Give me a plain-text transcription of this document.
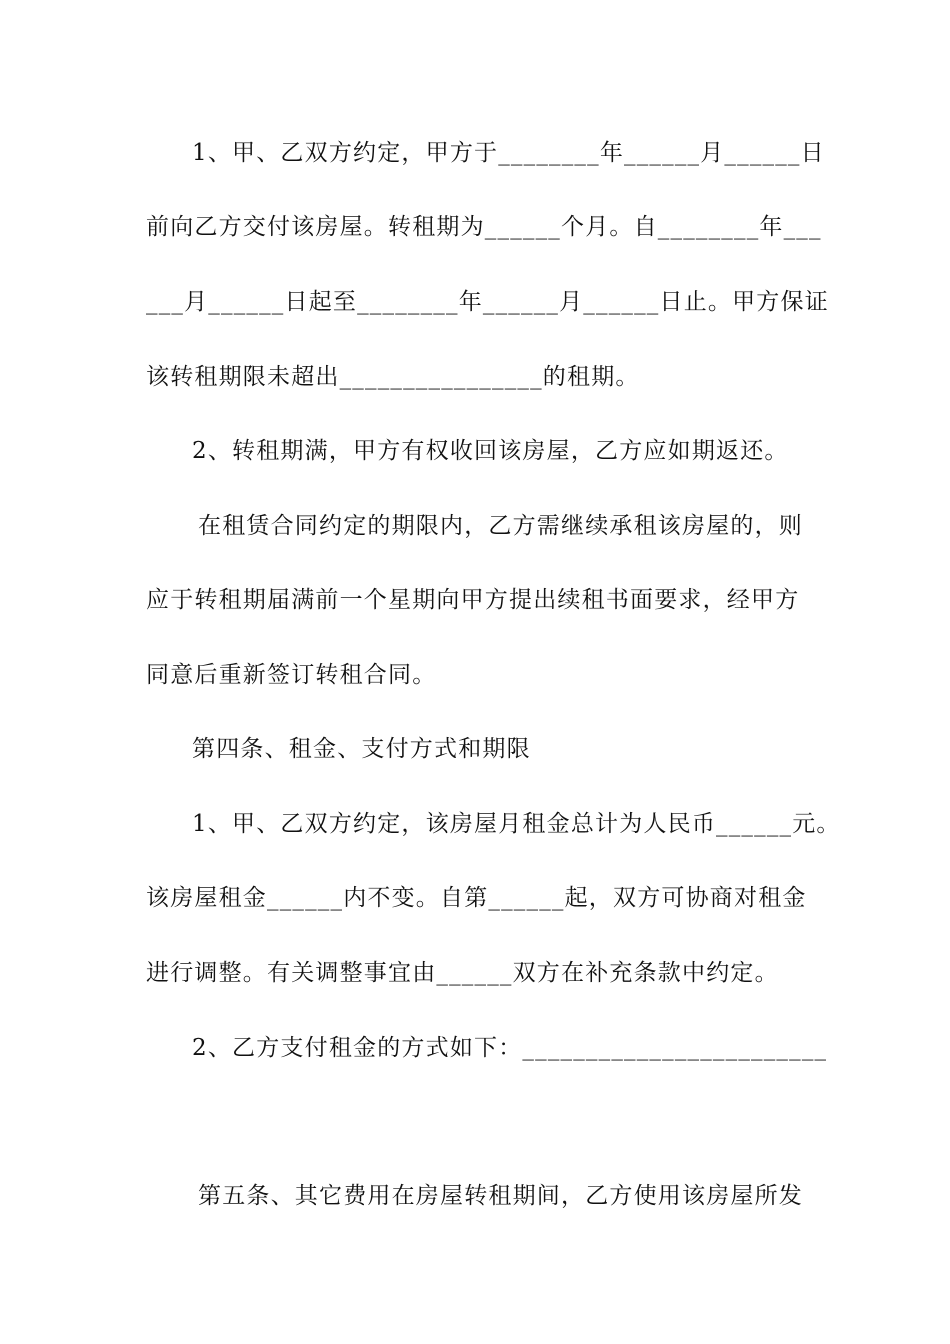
1、甲、乙双方约定，甲方于________年______月______日
前向乙方交付该房屋。转租期为______个月。自________年___
___月______日起至________年______月______日止。甲方保证
该转租期限未超出________________的租期。
2、转租期满，甲方有权收回该房屋，乙方应如期返还。
在租赁合同约定的期限内，乙方需继续承租该房屋的，则
应于转租期届满前一个星期向甲方提出续租书面要求，经甲方
同意后重新签订转租合同。
第四条、租金、支付方式和期限
1、甲、乙双方约定，该房屋月租金总计为人民币______元。
该房屋租金______内不变。自第______起，双方可协商对租金
进行调整。有关调整事宜由______双方在补充条款中约定。
2、乙方支付租金的方式如下：________________________
第五条、其它费用在房屋转租期间，乙方使用该房屋所发
